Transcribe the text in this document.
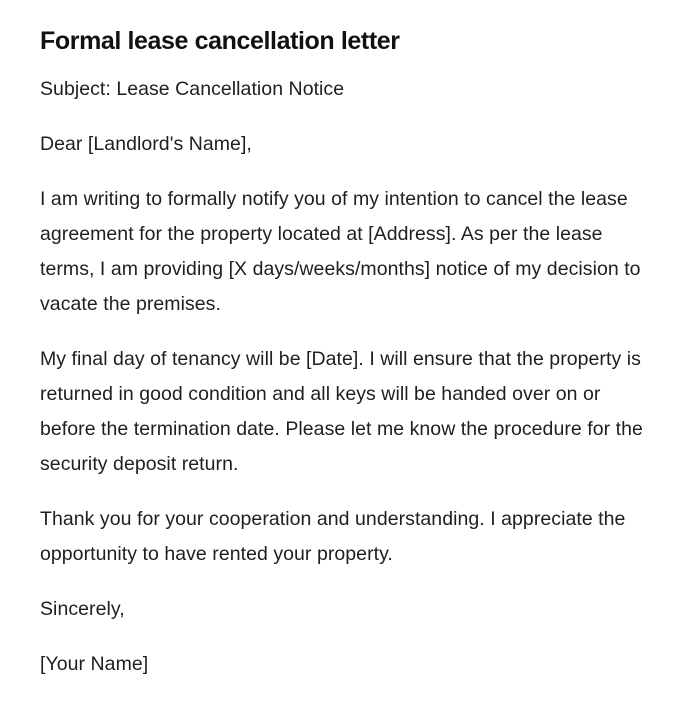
Formal lease cancellation letter

Subject: Lease Cancellation Notice

Dear [Landlord's Name],

I am writing to formally notify you of my intention to cancel the lease agreement for the property located at [Address]. As per the lease terms, I am providing [X days/weeks/months] notice of my decision to vacate the premises.

My final day of tenancy will be [Date]. I will ensure that the property is returned in good condition and all keys will be handed over on or before the termination date. Please let me know the procedure for the security deposit return.

Thank you for your cooperation and understanding. I appreciate the opportunity to have rented your property.

Sincerely,

[Your Name]
